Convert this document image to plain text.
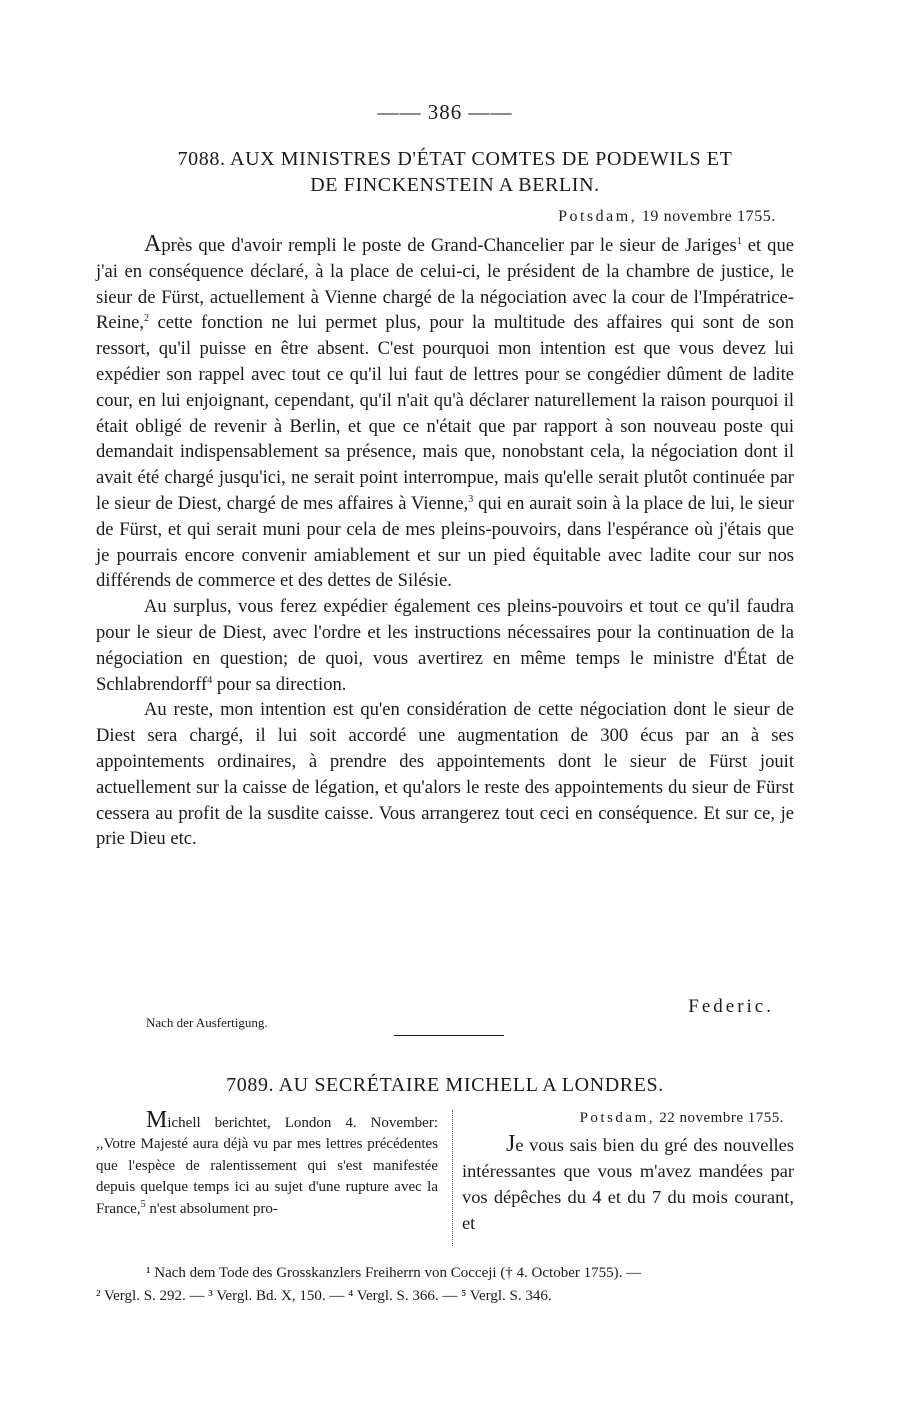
—— 386 ——
7088. AUX MINISTRES D'ÉTAT COMTES DE PODEWILS ET
DE FINCKENSTEIN A BERLIN.
Potsdam, 19 novembre 1755.

Après que d'avoir rempli le poste de Grand-Chancelier par le sieur de Jariges$^1$ et que j'ai en conséquence déclaré, à la place de celui-ci, le président de la chambre de justice, le sieur de Fürst, actuellement à Vienne chargé de la négociation avec la cour de l'Impératrice-Reine,$^2$ cette fonction ne lui permet plus, pour la multitude des affaires qui sont de son ressort, qu'il puisse en être absent. C'est pourquoi mon intention est que vous devez lui expédier son rappel avec tout ce qu'il lui faut de lettres pour se congédier dûment de ladite cour, en lui enjoignant, cependant, qu'il n'ait qu'à déclarer naturellement la raison pourquoi il était obligé de revenir à Berlin, et que ce n'était que par rapport à son nouveau poste qui demandait indispensablement sa présence, mais que, nonobstant cela, la négociation dont il avait été chargé jusqu'ici, ne serait point interrompue, mais qu'elle serait plutôt continuée par le sieur de Diest, chargé de mes affaires à Vienne,$^3$ qui en aurait soin à la place de lui, le sieur de Fürst, et qui serait muni pour cela de mes pleins-pouvoirs, dans l'espérance où j'étais que je pourrais encore convenir amiablement et sur un pied équitable avec ladite cour sur nos différends de commerce et des dettes de Silésie.

Au surplus, vous ferez expédier également ces pleins-pouvoirs et tout ce qu'il faudra pour le sieur de Diest, avec l'ordre et les instructions nécessaires pour la continuation de la négociation en question; de quoi, vous avertirez en même temps le ministre d'État de Schlabrendorff$^4$ pour sa direction.

Au reste, mon intention est qu'en considération de cette négociation dont le sieur de Diest sera chargé, il lui soit accordé une augmentation de 300 écus par an à ses appointements ordinaires, à prendre des appointements dont le sieur de Fürst jouit actuellement sur la caisse de légation, et qu'alors le reste des appointements du sieur de Fürst cessera au profit de la susdite caisse. Vous arrangerez tout ceci en conséquence. Et sur ce, je prie Dieu etc.

Federic.
Nach der Ausfertigung.
7089. AU SECRÉTAIRE MICHELL A LONDRES.

Michell berichtet, London 4. November: ,,Votre Majesté aura déjà vu par mes lettres précédentes que l'espèce de ralentissement qui s'est manifestée depuis quelque temps ici au sujet d'une rupture avec la France,$^5$ n'est absolument pro-

Potsdam, 22 novembre 1755.

Je vous sais bien du gré des nouvelles intéressantes que vous m'avez mandées par vos dépêches du 4 et du 7 du mois courant, et

¹ Nach dem Tode des Grosskanzlers Freiherrn von Cocceji († 4. October 1755). —
² Vergl. S. 292. — ³ Vergl. Bd. X, 150. — ⁴ Vergl. S. 366. — ⁵ Vergl. S. 346.
